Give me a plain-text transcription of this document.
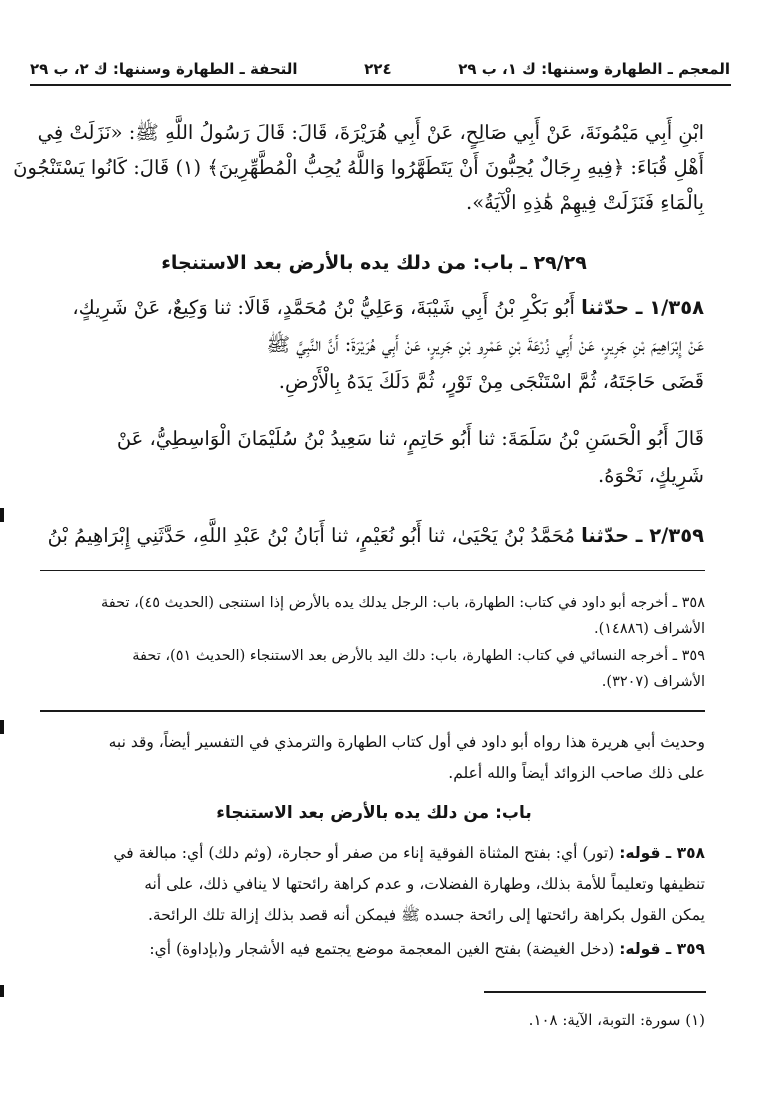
المعجم ـ الطهارة وسننها: ك ١، ب ٢٩
٢٢٤
التحفة ـ الطهارة وسننها: ك ٢، ب ٢٩
ابْنِ أَبِي مَيْمُونَةَ، عَنْ أَبِي صَالِحٍ، عَنْ أَبِي هُرَيْرَةَ، قَالَ: قَالَ رَسُولُ اللَّهِ ﷺ: «نَزَلَتْ فِي
أَهْلِ قُبَاءَ: ﴿فِيهِ رِجَالٌ يُحِبُّونَ أَنْ يَتَطَهَّرُوا وَاللَّهُ يُحِبُّ الْمُطَّهِّرِينَ﴾ (١) قَالَ: كَانُوا يَسْتَنْجُونَ
بِالْمَاءِ فَنَزَلَتْ فِيهِمْ هَٰذِهِ الْآيَةُ».
٢٩/٢٩ ـ باب: من دلك يده بالأرض بعد الاستنجاء
١/٣٥٨ ـ حدّثنا أَبُو بَكْرِ بْنُ أَبِي شَيْبَةَ، وَعَلِيُّ بْنُ مُحَمَّدٍ، قَالَا: ثنا وَكِيعٌ، عَنْ شَرِيكٍ،
عَنْ إِبْرَاهِيمَ بْنِ جَرِيرٍ، عَنْ أَبِي زُرْعَةَ بْنِ عَمْرِو بْنِ جَرِيرٍ، عَنْ أَبِي هُرَيْرَةَ: أَنَّ النَّبِيَّ ﷺ
قَضَى حَاجَتَهُ، ثُمَّ اسْتَنْجَى مِنْ تَوْرٍ، ثُمَّ دَلَكَ يَدَهُ بِالْأَرْضِ.
قَالَ أَبُو الْحَسَنِ بْنُ سَلَمَةَ: ثنا أَبُو حَاتِمٍ، ثنا سَعِيدُ بْنُ سُلَيْمَانَ الْوَاسِطِيُّ، عَنْ
شَرِيكٍ، نَحْوَهُ.
٢/٣٥٩ ـ حدّثنا مُحَمَّدُ بْنُ يَحْيَىٰ، ثنا أَبُو نُعَيْمٍ، ثنا أَبَانُ بْنُ عَبْدِ اللَّهِ، حَدَّثَنِي إِبْرَاهِيمُ بْنُ
٣٥٨ ـ أخرجه أبو داود في كتاب: الطهارة، باب: الرجل يدلك يده بالأرض إذا استنجى (الحديث ٤٥)، تحفة
الأشراف (١٤٨٨٦).
٣٥٩ ـ أخرجه النسائي في كتاب: الطهارة، باب: دلك اليد بالأرض بعد الاستنجاء (الحديث ٥١)، تحفة
الأشراف (٣٢٠٧).
وحديث أبي هريرة هذا رواه أبو داود في أول كتاب الطهارة والترمذي في التفسير أيضاً، وقد نبه
على ذلك صاحب الزوائد أيضاً والله أعلم.
باب: من دلك يده بالأرض بعد الاستنجاء
٣٥٨ ـ قوله: (تور) أي: بفتح المثناة الفوقية إناء من صفر أو حجارة، (وثم دلك) أي: مبالغة في
تنظيفها وتعليماً للأمة بذلك، وطهارة الفضلات، و عدم كراهة رائحتها لا ينافي ذلك، على أنه
يمكن القول بكراهة رائحتها إلى رائحة جسده ﷺ فيمكن أنه قصد بذلك إزالة تلك الرائحة.
٣٥٩ ـ قوله: (دخل الغيضة) بفتح الغين المعجمة موضع يجتمع فيه الأشجار و(بإداوة) أي:
(١) سورة: التوبة، الآية: ١٠٨.
